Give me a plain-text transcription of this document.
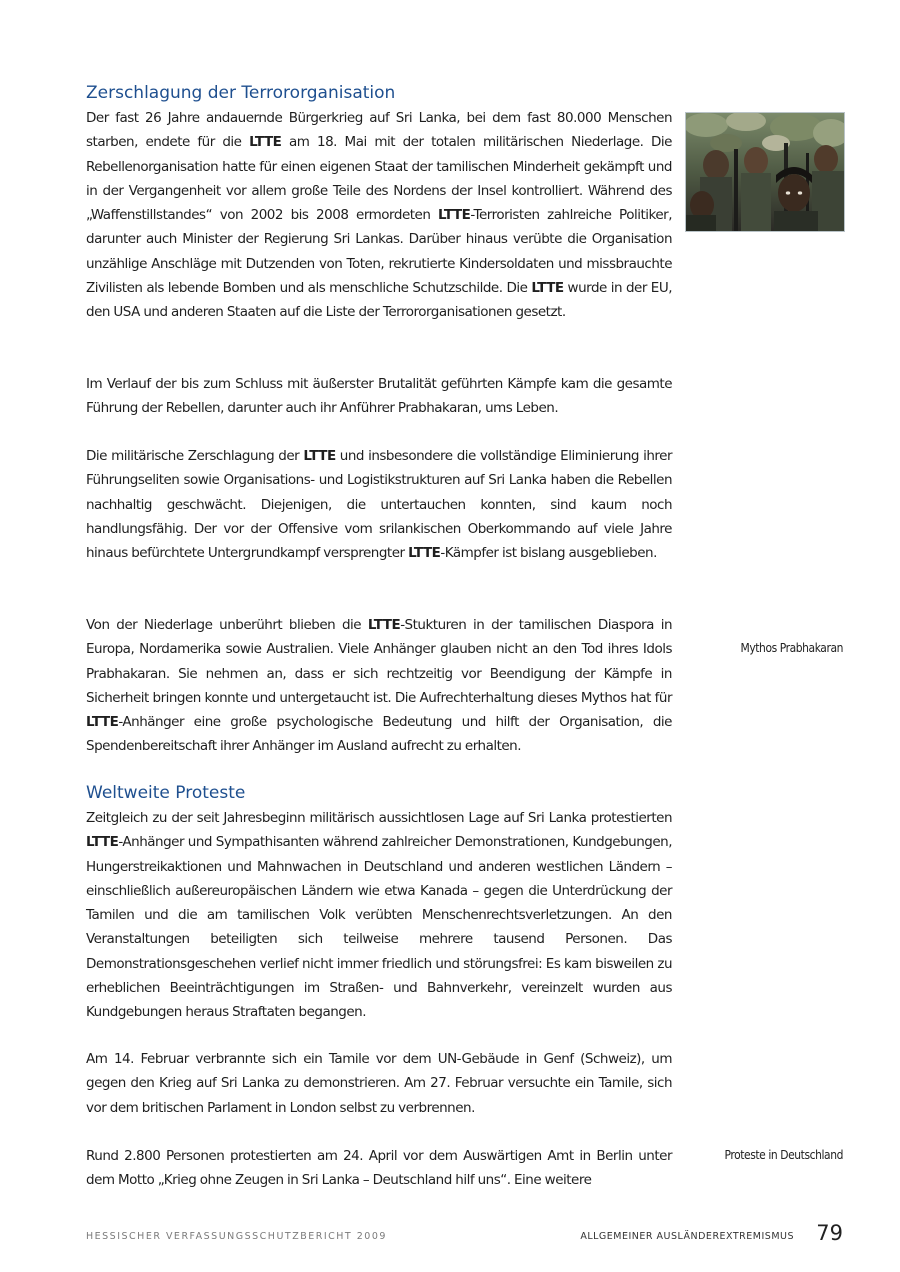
Zerschlagung der Terrororganisation

Der fast 26 Jahre andauernde Bürgerkrieg auf Sri Lanka, bei dem fast 80.000 Menschen starben, endete für die LTTE am 18. Mai mit der totalen militärischen Niederlage. Die Rebellenorganisation hatte für einen eigenen Staat der tamilischen Minderheit gekämpft und in der Vergangenheit vor allem große Teile des Nordens der Insel kontrolliert. Während des „Waffenstillstandes“ von 2002 bis 2008 ermordeten LTTE-Terroristen zahlreiche Politiker, darunter auch Minister der Regierung Sri Lankas. Darüber hinaus verübte die Organisation unzählige Anschläge mit Dutzenden von Toten, rekrutierte Kindersoldaten und missbrauchte Zivilisten als lebende Bomben und als menschliche Schutzschilde. Die LTTE wurde in der EU, den USA und anderen Staaten auf die Liste der Terrororganisationen gesetzt.

Im Verlauf der bis zum Schluss mit äußerster Brutalität geführten Kämpfe kam die gesamte Führung der Rebellen, darunter auch ihr Anführer Prabhakaran, ums Leben.

Die militärische Zerschlagung der LTTE und insbesondere die vollständige Eliminierung ihrer Führungseliten sowie Organisations- und Logistikstrukturen auf Sri Lanka haben die Rebellen nachhaltig geschwächt. Diejenigen, die untertauchen konnten, sind kaum noch handlungsfähig. Der vor der Offensive vom srilankischen Oberkommando auf viele Jahre hinaus befürchtete Untergrundkampf versprengter LTTE-Kämpfer ist bislang ausgeblieben.

Von der Niederlage unberührt blieben die LTTE-Stukturen in der tamilischen Diaspora in Europa, Nordamerika sowie Australien. Viele Anhänger glauben nicht an den Tod ihres Idols Prabhakaran. Sie nehmen an, dass er sich rechtzeitig vor Beendigung der Kämpfe in Sicherheit bringen konnte und untergetaucht ist. Die Aufrechterhaltung dieses Mythos hat für LTTE-Anhänger eine große psychologische Bedeutung und hilft der Organisation, die Spendenbereitschaft ihrer Anhänger im Ausland aufrecht zu erhalten.

Weltweite Proteste

Zeitgleich zu der seit Jahresbeginn militärisch aussichtlosen Lage auf Sri Lanka protestierten LTTE-Anhänger und Sympathisanten während zahlreicher Demonstrationen, Kundgebungen, Hungerstreikaktionen und Mahnwachen in Deutschland und anderen westlichen Ländern – einschließlich außereuropäischen Ländern wie etwa Kanada – gegen die Unterdrückung der Tamilen und die am tamilischen Volk verübten Menschenrechtsverletzungen. An den Veranstaltungen beteiligten sich teilweise mehrere tausend Personen. Das Demonstrationsgeschehen verlief nicht immer friedlich und störungsfrei: Es kam bisweilen zu erheblichen Beeinträchtigungen im Straßen- und Bahnverkehr, vereinzelt wurden aus Kundgebungen heraus Straftaten begangen.

Am 14. Februar verbrannte sich ein Tamile vor dem UN-Gebäude in Genf (Schweiz), um gegen den Krieg auf Sri Lanka zu demonstrieren. Am 27. Februar versuchte ein Tamile, sich vor dem britischen Parlament in London selbst zu verbrennen.

Rund 2.800 Personen protestierten am 24. April vor dem Auswärtigen Amt in Berlin unter dem Motto „Krieg ohne Zeugen in Sri Lanka – Deutschland hilf uns“. Eine weitere

Mythos Prabhakaran
Proteste in Deutschland
HESSISCHER VERFASSUNGSSCHUTZBERICHT 2009	ALLGEMEINER AUSLÄNDEREXTREMISMUS 79
